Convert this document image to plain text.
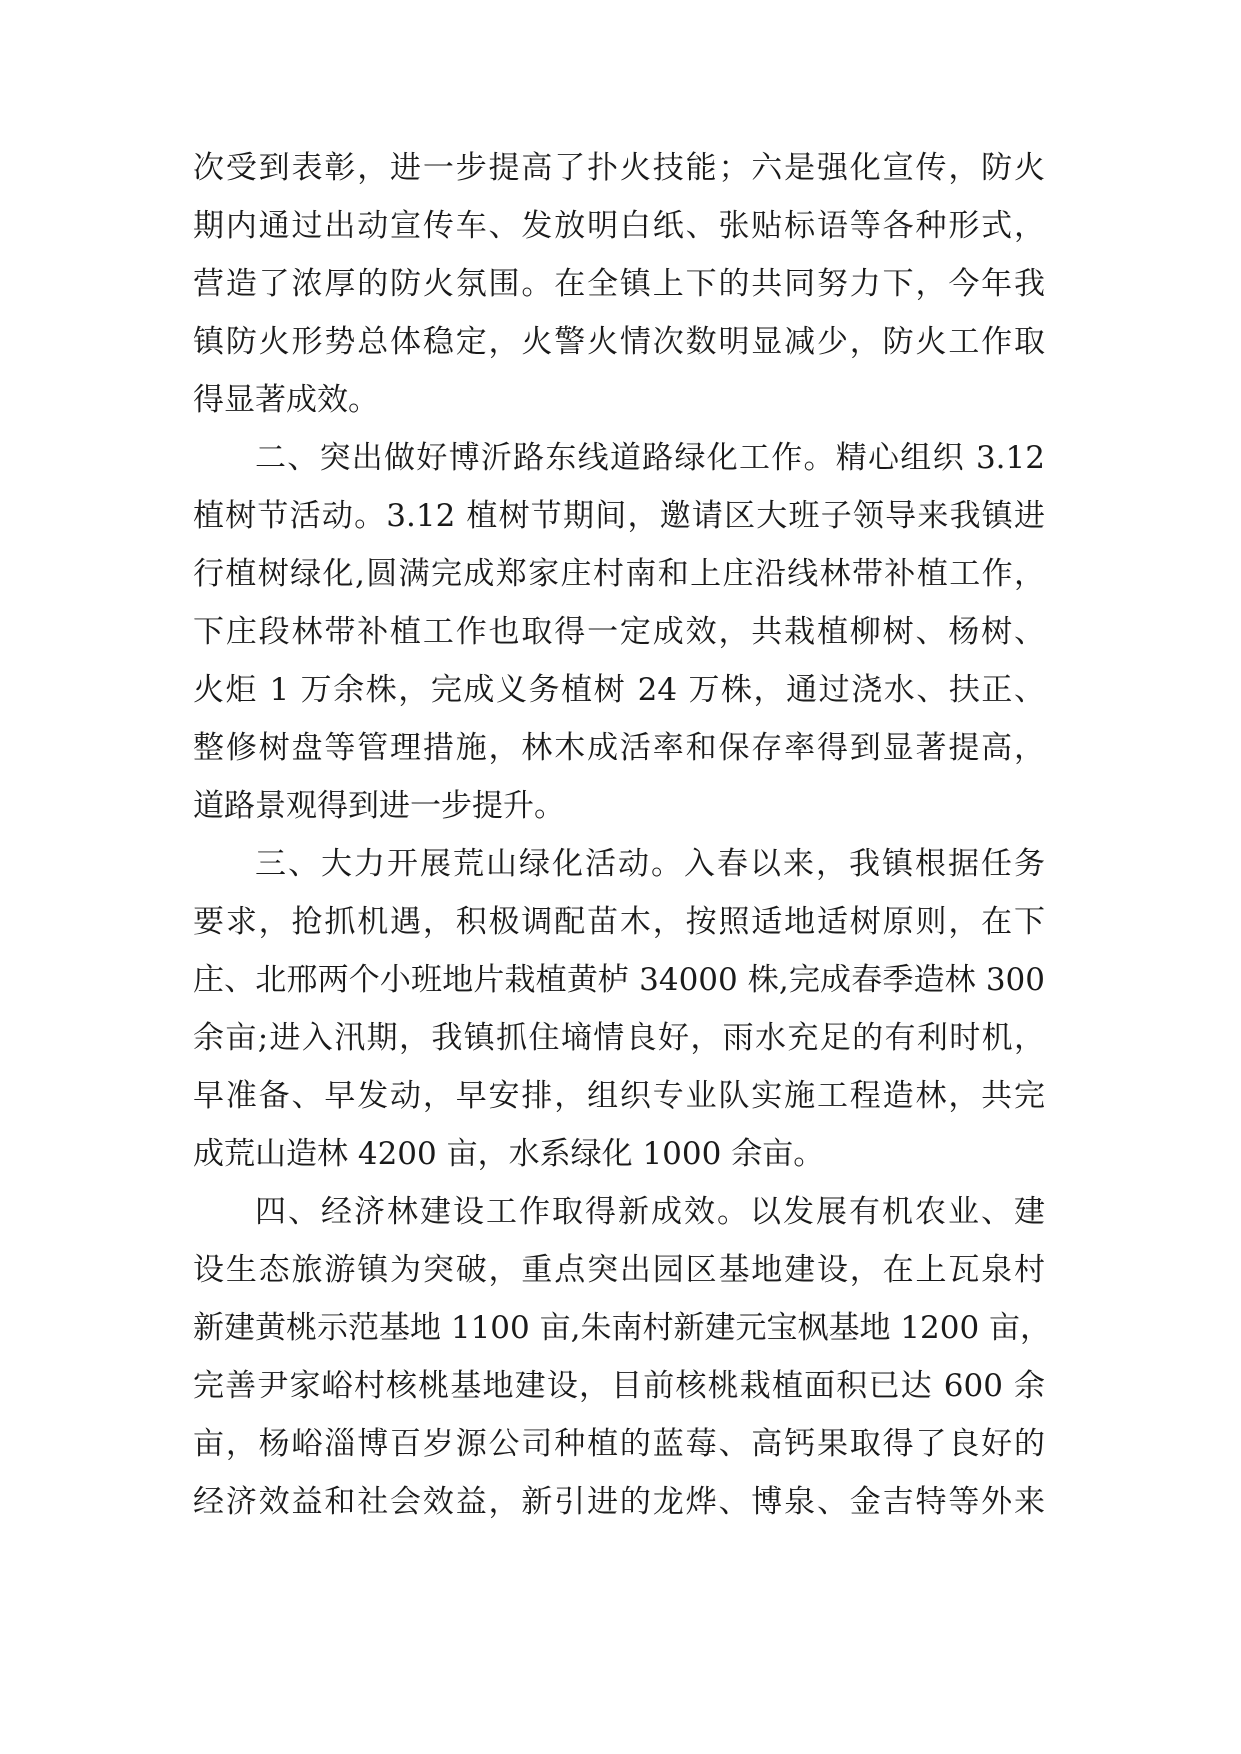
次受到表彰，进一步提高了扑火技能；六是强化宣传，防火
期内通过出动宣传车、发放明白纸、张贴标语等各种形式，
营造了浓厚的防火氛围。在全镇上下的共同努力下，今年我
镇防火形势总体稳定，火警火情次数明显减少，防火工作取
得显著成效。
二、突出做好博沂路东线道路绿化工作。精心组织 3.12
植树节活动。3.12 植树节期间，邀请区大班子领导来我镇进
行植树绿化,圆满完成郑家庄村南和上庄沿线林带补植工作，
下庄段林带补植工作也取得一定成效，共栽植柳树、杨树、
火炬 1 万余株，完成义务植树 24 万株，通过浇水、扶正、
整修树盘等管理措施，林木成活率和保存率得到显著提高，
道路景观得到进一步提升。
三、大力开展荒山绿化活动。入春以来，我镇根据任务
要求，抢抓机遇，积极调配苗木，按照适地适树原则，在下
庄、北邢两个小班地片栽植黄栌 34000 株,完成春季造林 300
余亩;进入汛期，我镇抓住墒情良好，雨水充足的有利时机，
早准备、早发动，早安排，组织专业队实施工程造林，共完
成荒山造林 4200 亩，水系绿化 1000 余亩。
四、经济林建设工作取得新成效。以发展有机农业、建
设生态旅游镇为突破，重点突出园区基地建设，在上瓦泉村
新建黄桃示范基地 1100 亩,朱南村新建元宝枫基地 1200 亩，
完善尹家峪村核桃基地建设，目前核桃栽植面积已达 600 余
亩，杨峪淄博百岁源公司种植的蓝莓、高钙果取得了良好的
经济效益和社会效益，新引进的龙烨、博泉、金吉特等外来
